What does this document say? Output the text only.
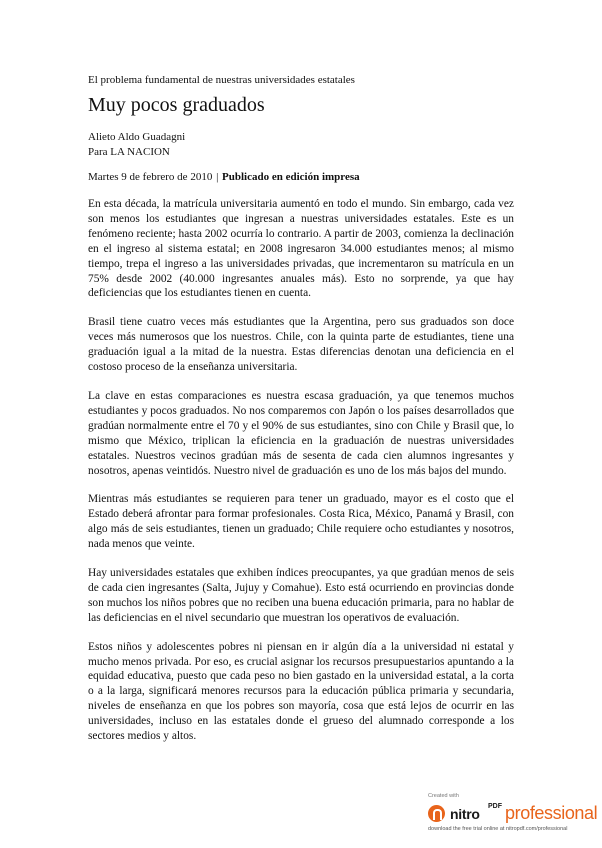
El problema fundamental de nuestras universidades estatales
Muy pocos graduados
Alieto Aldo Guadagni
Para LA NACION
Martes 9 de febrero de 2010 | Publicado en edición impresa

En esta década, la matrícula universitaria aumentó en todo el mundo. Sin embargo, cada vez son menos los estudiantes que ingresan a nuestras universidades estatales. Este es un fenómeno reciente; hasta 2002 ocurría lo contrario. A partir de 2003, comienza la declinación en el ingreso al sistema estatal; en 2008 ingresaron 34.000 estudiantes menos; al mismo tiempo, trepa el ingreso a las universidades privadas, que incrementaron su matrícula en un 75% desde 2002 (40.000 ingresantes anuales más). Esto no sorprende, ya que hay deficiencias que los estudiantes tienen en cuenta.

Brasil tiene cuatro veces más estudiantes que la Argentina, pero sus graduados son doce veces más numerosos que los nuestros. Chile, con la quinta parte de estudiantes, tiene una graduación igual a la mitad de la nuestra. Estas diferencias denotan una deficiencia en el costoso proceso de la enseñanza universitaria.

La clave en estas comparaciones es nuestra escasa graduación, ya que tenemos muchos estudiantes y pocos graduados. No nos comparemos con Japón o los países desarrollados que gradúan normalmente entre el 70 y el 90% de sus estudiantes, sino con Chile y Brasil que, lo mismo que México, triplican la eficiencia en la graduación de nuestras universidades estatales. Nuestros vecinos gradúan más de sesenta de cada cien alumnos ingresantes y nosotros, apenas veintidós. Nuestro nivel de graduación es uno de los más bajos del mundo.

Mientras más estudiantes se requieren para tener un graduado, mayor es el costo que el Estado deberá afrontar para formar profesionales. Costa Rica, México, Panamá y Brasil, con algo más de seis estudiantes, tienen un graduado; Chile requiere ocho estudiantes y nosotros, nada menos que veinte.

Hay universidades estatales que exhiben índices preocupantes, ya que gradúan menos de seis de cada cien ingresantes (Salta, Jujuy y Comahue). Esto está ocurriendo en provincias donde son muchos los niños pobres que no reciben una buena educación primaria, para no hablar de las deficiencias en el nivel secundario que muestran los operativos de evaluación.

Estos niños y adolescentes pobres ni piensan en ir algún día a la universidad ni estatal y mucho menos privada. Por eso, es crucial asignar los recursos presupuestarios apuntando a la equidad educativa, puesto que cada peso no bien gastado en la universidad estatal, a la corta o a la larga, significará menores recursos para la educación pública primaria y secundaria, niveles de enseñanza en que los pobres son mayoría, cosa que está lejos de ocurrir en las universidades, incluso en las estatales donde el grueso del alumnado corresponde a los sectores medios y altos.

Created with
nitro PDF professional
download the free trial online at nitropdf.com/professional
